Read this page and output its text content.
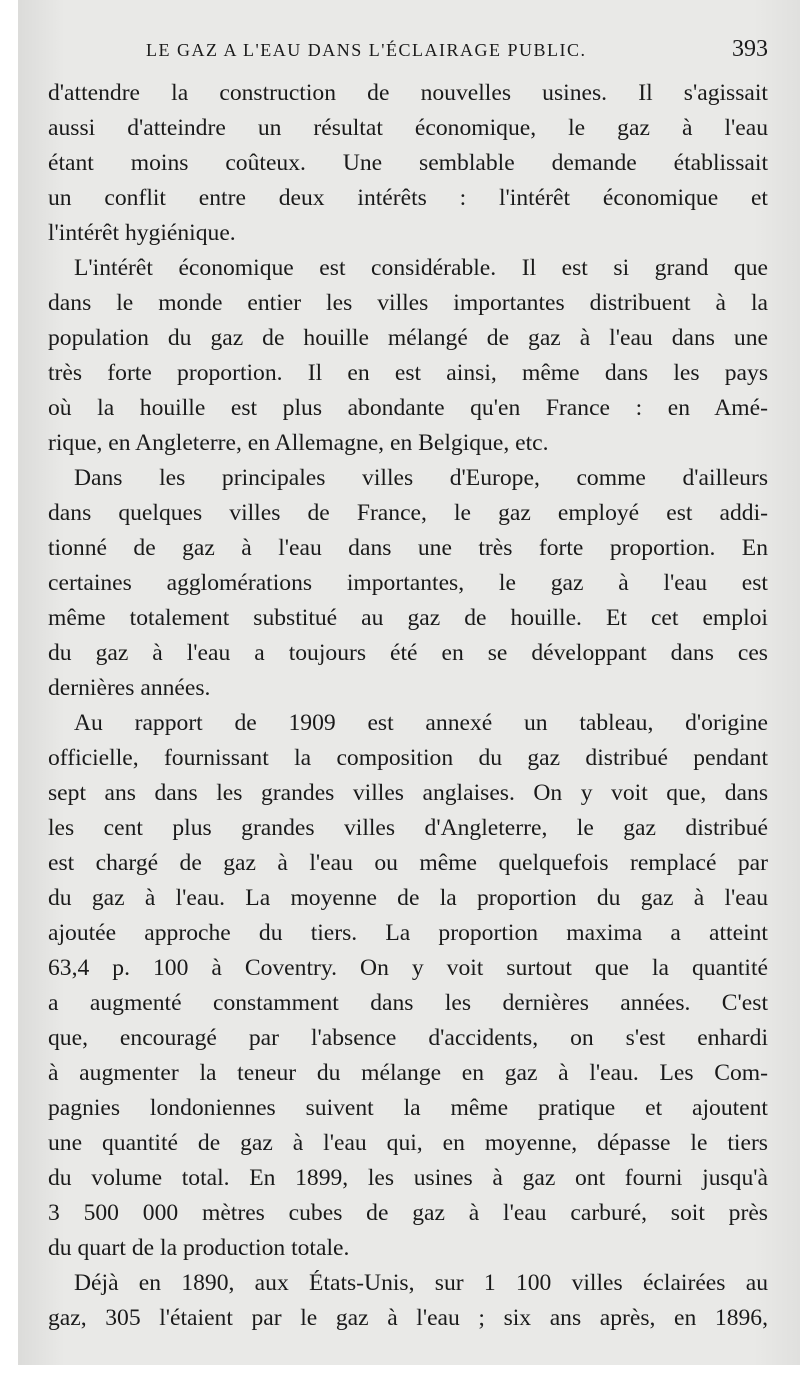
LE GAZ A L'EAU DANS L'ÉCLAIRAGE PUBLIC.	393
d'attendre la construction de nouvelles usines. Il s'agissait
aussi d'atteindre un résultat économique, le gaz à l'eau
étant moins coûteux. Une semblable demande établissait
un conflit entre deux intérêts : l'intérêt économique et
l'intérêt hygiénique.
L'intérêt économique est considérable. Il est si grand que
dans le monde entier les villes importantes distribuent à la
population du gaz de houille mélangé de gaz à l'eau dans une
très forte proportion. Il en est ainsi, même dans les pays
où la houille est plus abondante qu'en France : en Amé-
rique, en Angleterre, en Allemagne, en Belgique, etc.
Dans les principales villes d'Europe, comme d'ailleurs
dans quelques villes de France, le gaz employé est addi-
tionné de gaz à l'eau dans une très forte proportion. En
certaines agglomérations importantes, le gaz à l'eau est
même totalement substitué au gaz de houille. Et cet emploi
du gaz à l'eau a toujours été en se développant dans ces
dernières années.
Au rapport de 1909 est annexé un tableau, d'origine
officielle, fournissant la composition du gaz distribué pendant
sept ans dans les grandes villes anglaises. On y voit que, dans
les cent plus grandes villes d'Angleterre, le gaz distribué
est chargé de gaz à l'eau ou même quelquefois remplacé par
du gaz à l'eau. La moyenne de la proportion du gaz à l'eau
ajoutée approche du tiers. La proportion maxima a atteint
63,4 p. 100 à Coventry. On y voit surtout que la quantité
a augmenté constamment dans les dernières années. C'est
que, encouragé par l'absence d'accidents, on s'est enhardi
à augmenter la teneur du mélange en gaz à l'eau. Les Com-
pagnies londoniennes suivent la même pratique et ajoutent
une quantité de gaz à l'eau qui, en moyenne, dépasse le tiers
du volume total. En 1899, les usines à gaz ont fourni jusqu'à
3 500 000 mètres cubes de gaz à l'eau carburé, soit près
du quart de la production totale.
Déjà en 1890, aux États-Unis, sur 1 100 villes éclairées au
gaz, 305 l'étaient par le gaz à l'eau ; six ans après, en 1896,
